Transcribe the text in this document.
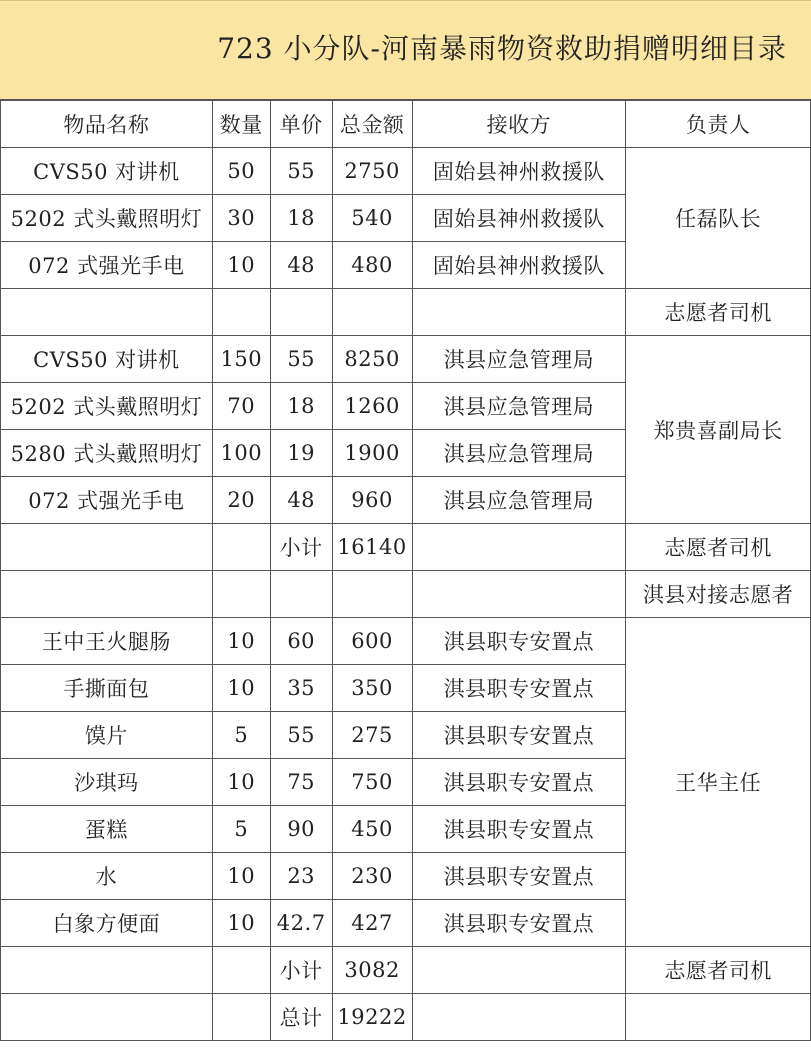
723 小分队-河南暴雨物资救助捐赠明细目录
物品名称	数量	单价	总金额	接收方	负责人
CVS50 对讲机	50	55	2750	固始县神州救援队	任磊队长
5202 式头戴照明灯	30	18	540	固始县神州救援队	
072 式强光手电	10	48	480	固始县神州救援队	
					志愿者司机
CVS50 对讲机	150	55	8250	淇县应急管理局	郑贵喜副局长
5202 式头戴照明灯	70	18	1260	淇县应急管理局	
5280 式头戴照明灯	100	19	1900	淇县应急管理局	
072 式强光手电	20	48	960	淇县应急管理局	
		小计	16140		志愿者司机
					淇县对接志愿者
王中王火腿肠	10	60	600	淇县职专安置点	王华主任
手撕面包	10	35	350	淇县职专安置点	
馍片	5	55	275	淇县职专安置点	
沙琪玛	10	75	750	淇县职专安置点	
蛋糕	5	90	450	淇县职专安置点	
水	10	23	230	淇县职专安置点	
白象方便面	10	42.7	427	淇县职专安置点	
		小计	3082		志愿者司机
		总计	19222		
